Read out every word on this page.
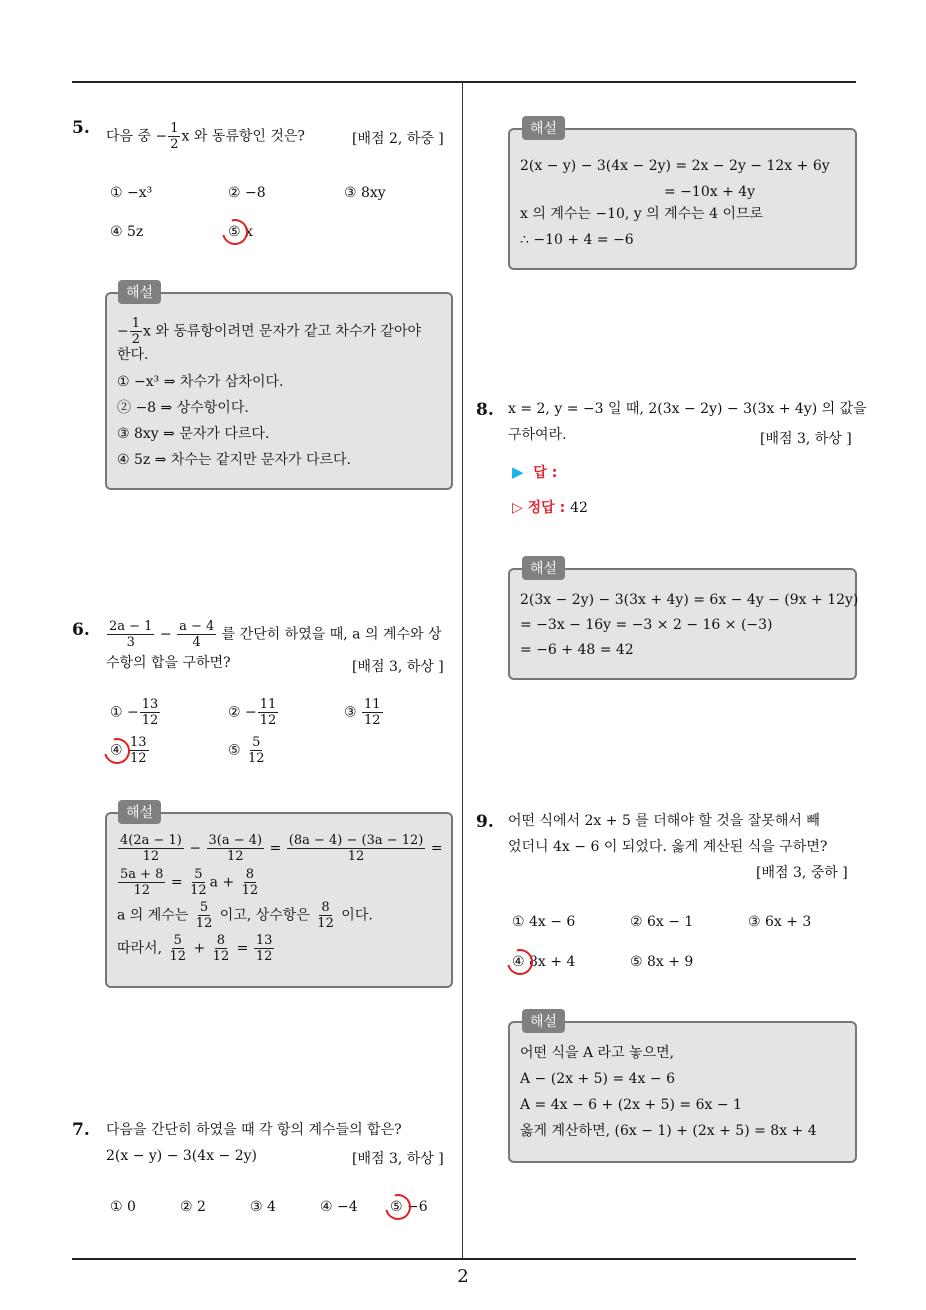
2
5. 다음 중 − $\frac{1}{2}$ x 와 동류항인 것은?	[배점 2, 하중 ]
① −x³	② −8	③ 8xy
④ 5z	⑤ x
해설
− $\frac{1}{2}$ x 와 동류항이려면 문자가 같고 차수가 같아야
한다.
① −x³ ⇒ 차수가 삼차이다.
② −8 ⇒ 상수항이다.
③ 8xy ⇒ 문자가 다르다.
④ 5z ⇒ 차수는 같지만 문자가 다르다.
6. $\frac{2a - 1}{3} - \frac{a - 4}{4}$ 를 간단히 하였을 때, a 의 계수와 상
수항의 합을 구하면?	[배점 3, 하상 ]
① − $\frac{13}{12}$	② − $\frac{11}{12}$	③ $\frac{11}{12}$
④ $\frac{13}{12}$	⑤ $\frac{5}{12}$
해설
$\frac{4(2a - 1)}{12} - \frac{3(a - 4)}{12} = \frac{(8a - 4) - (3a - 12)}{12}$ =
$\frac{5a + 8}{12} = \frac{5}{12}$ $a + \frac{8}{12}$
a 의 계수는 $\frac{5}{12}$ 이고, 상수항은 $\frac{8}{12}$ 이다.
따라서, $\frac{5}{12} + \frac{8}{12} = \frac{13}{12}$
7. 다음을 간단히 하였을 때 각 항의 계수들의 합은?
2(x − y) − 3(4x − 2y)	[배점 3, 하상 ]
① 0	② 2	③ 4	④ −4 ⑤ −6
해설
2(x − y) − 3(4x − 2y) = 2x − 2y − 12x + 6y
= −10x + 4y
x 의 계수는 −10, y 의 계수는 4 이므로
∴ −10 + 4 = −6
8. x = 2, y = −3 일 때, 2(3x − 2y) − 3(3x + 4y) 의 값을
구하여라.	[배점 3, 하상 ]
▶ 답 :
▷ 정답 : 42
해설
2(3x − 2y) − 3(3x + 4y) = 6x − 4y − (9x + 12y)
= −3x − 16y = −3 × 2 − 16 × (−3)
= −6 + 48 = 42
9. 어떤 식에서 2x + 5 를 더해야 할 것을 잘못해서 빼
었더니 4x − 6 이 되었다. 옳게 계산된 식을 구하면?
[배점 3, 중하 ]
① 4x − 6	② 6x − 1	③ 6x + 3
④ 8x + 4	⑤ 8x + 9
해설
어떤 식을 A 라고 놓으면,
A − (2x + 5) = 4x − 6
A = 4x − 6 + (2x + 5) = 6x − 1
옳게 계산하면, (6x − 1) + (2x + 5) = 8x + 4
